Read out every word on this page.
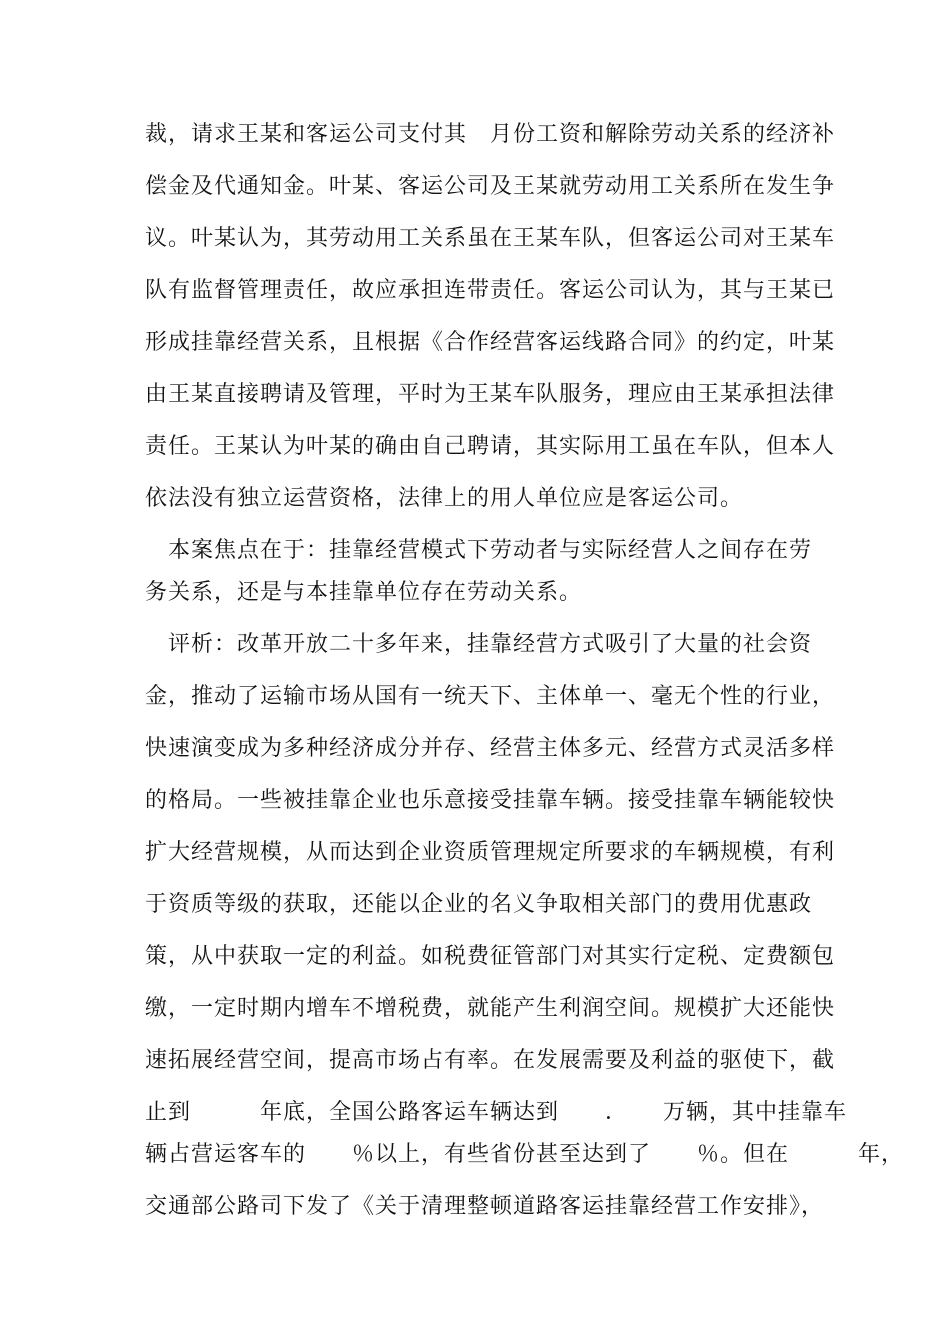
裁，请求王某和客运公司支付其　月份工资和解除劳动关系的经济补
偿金及代通知金。叶某、客运公司及王某就劳动用工关系所在发生争
议。叶某认为，其劳动用工关系虽在王某车队，但客运公司对王某车
队有监督管理责任，故应承担连带责任。客运公司认为，其与王某已
形成挂靠经营关系，且根据《合作经营客运线路合同》的约定，叶某
由王某直接聘请及管理，平时为王某车队服务，理应由王某承担法律
责任。王某认为叶某的确由自己聘请，其实际用工虽在车队，但本人
依法没有独立运营资格，法律上的用人单位应是客运公司。
　本案焦点在于：挂靠经营模式下劳动者与实际经营人之间存在劳
务关系，还是与本挂靠单位存在劳动关系。
　评析：改革开放二十多年来，挂靠经营方式吸引了大量的社会资
金，推动了运输市场从国有一统天下、主体单一、毫无个性的行业，
快速演变成为多种经济成分并存、经营主体多元、经营方式灵活多样
的格局。一些被挂靠企业也乐意接受挂靠车辆。接受挂靠车辆能较快
扩大经营规模，从而达到企业资质管理规定所要求的车辆规模，有利
于资质等级的获取，还能以企业的名义争取相关部门的费用优惠政
策，从中获取一定的利益。如税费征管部门对其实行定税、定费额包
缴，一定时期内增车不增税费，就能产生利润空间。规模扩大还能快
速拓展经营空间，提高市场占有率。在发展需要及利益的驱使下，截
止到　　　年底，全国公路客运车辆达到　　．　　万辆，其中挂靠车
辆占营运客车的　　％以上，有些省份甚至达到了　　％。但在　　　年，
交通部公路司下发了《关于清理整顿道路客运挂靠经营工作安排》，
